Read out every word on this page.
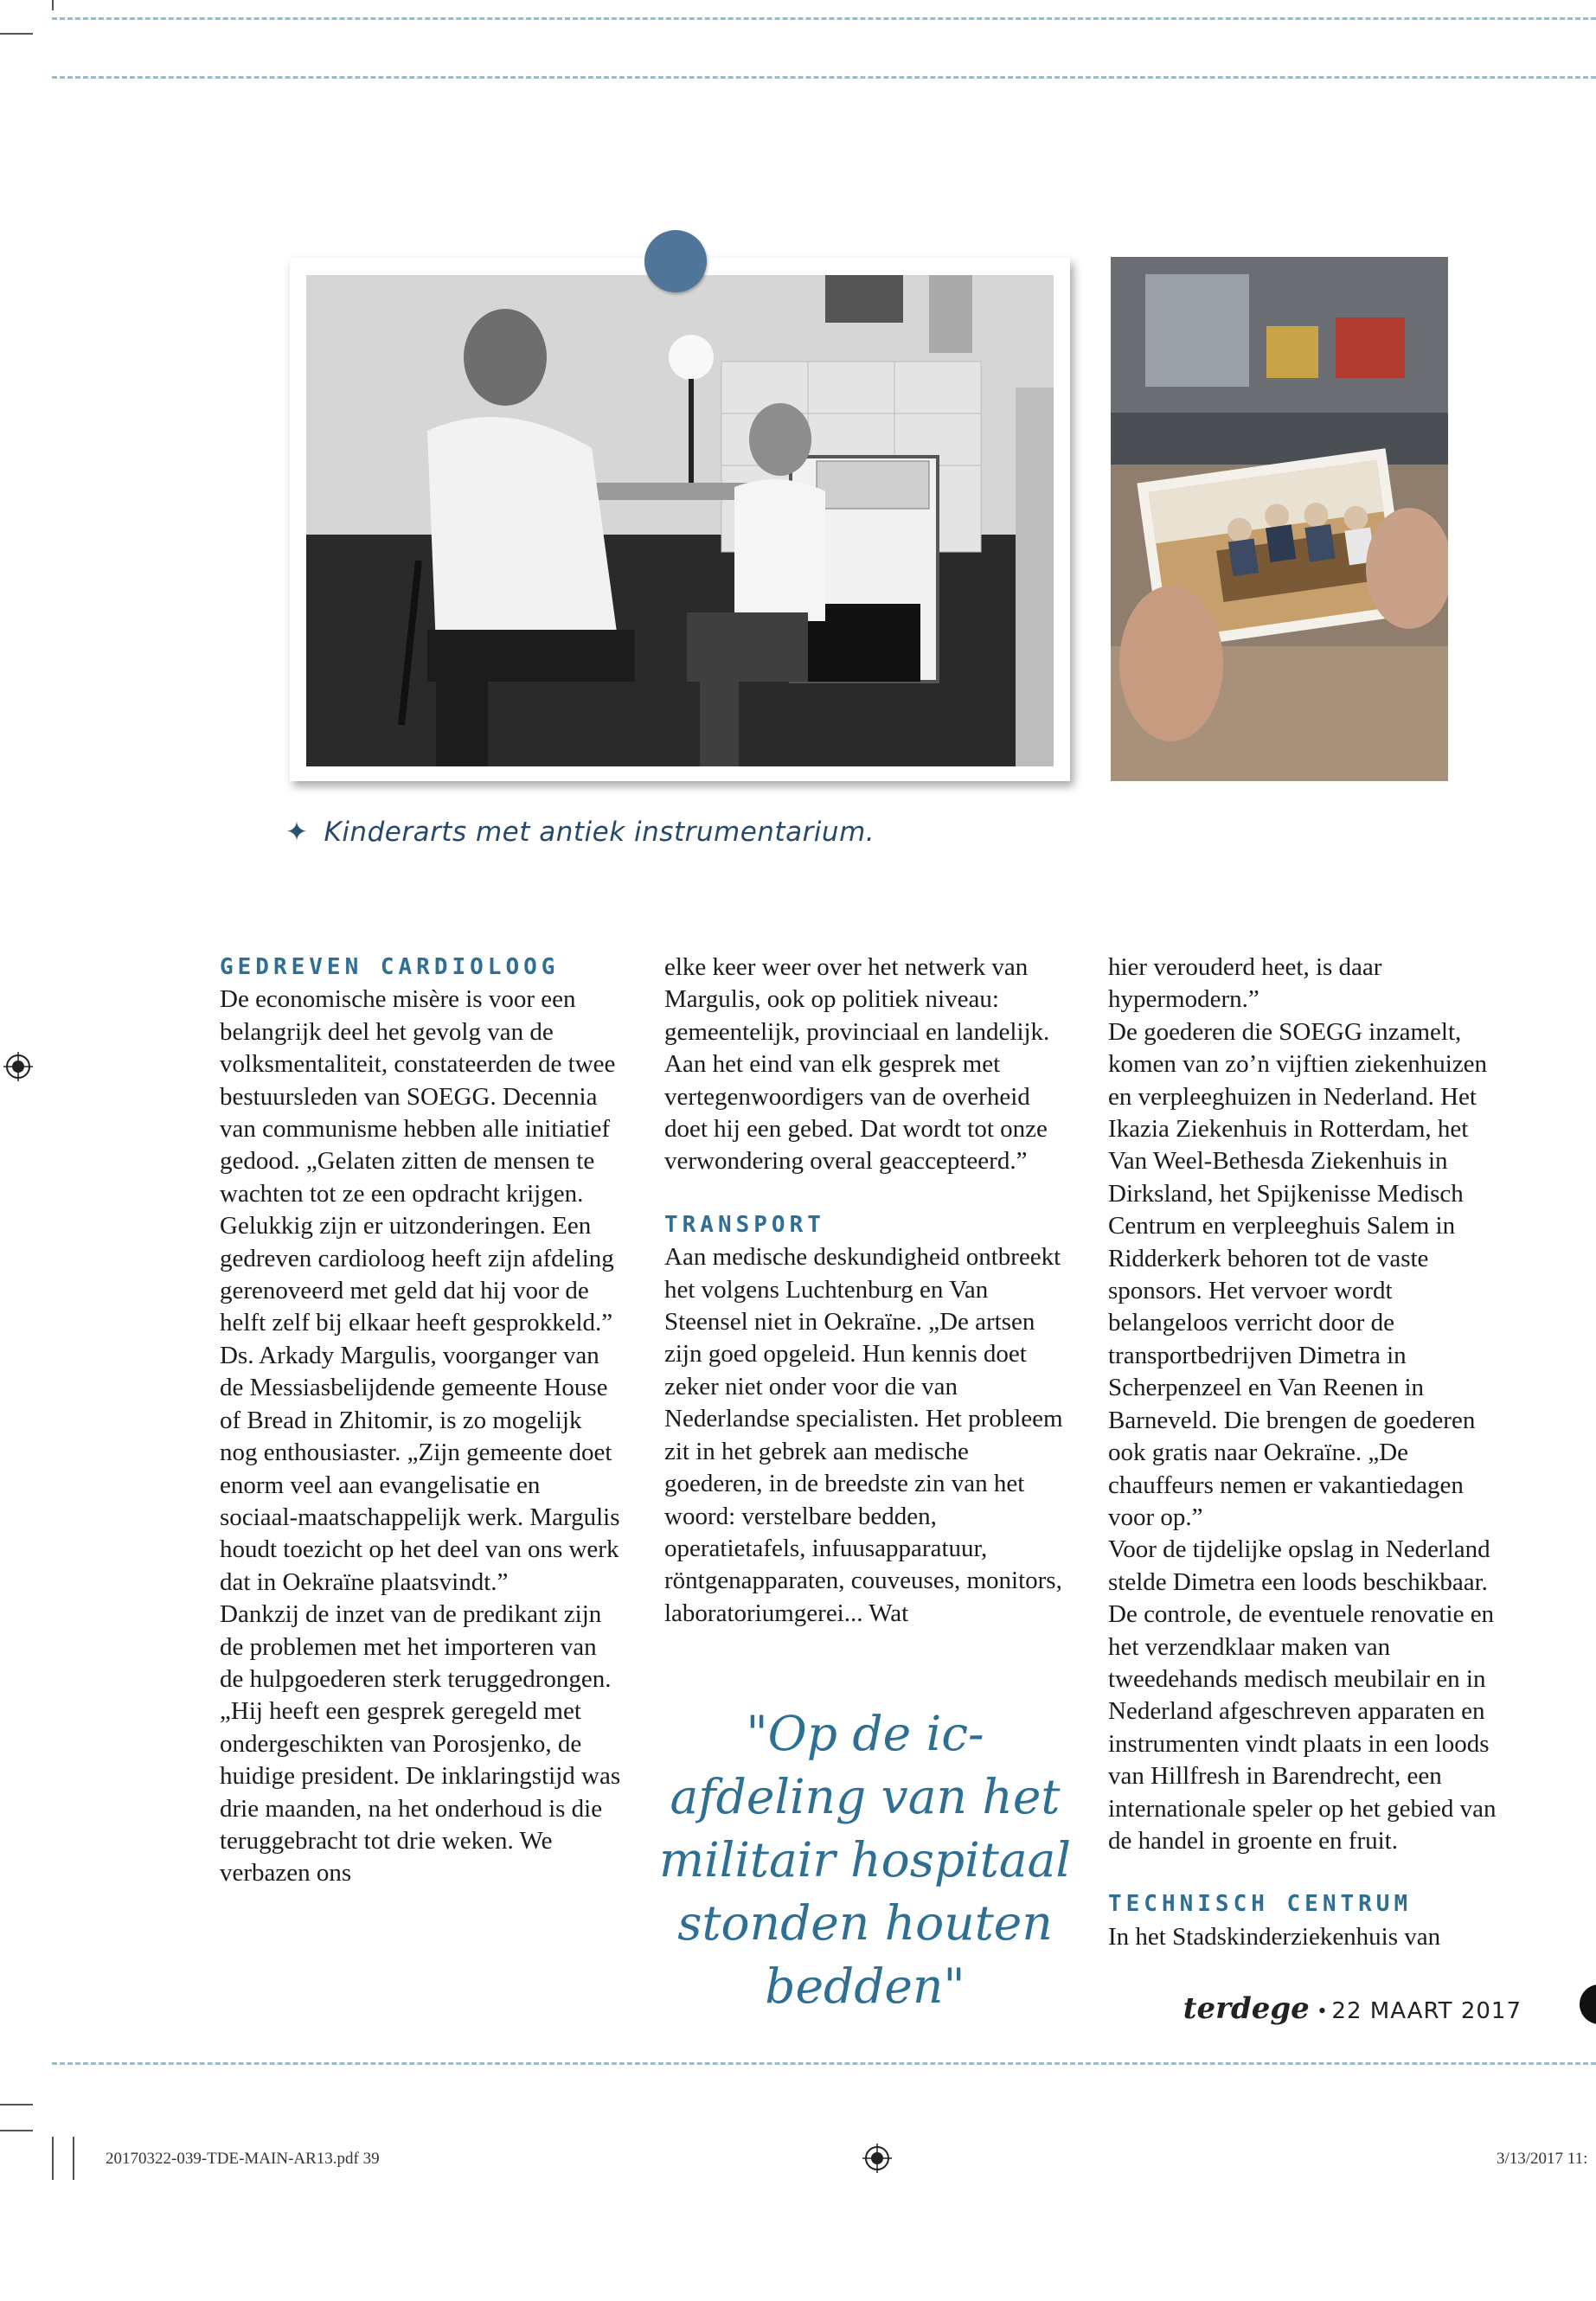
✦ Kinderarts met antiek instrumentarium.

GEDREVEN CARDIOLOOG

De economische misère is voor een belangrijk deel het gevolg van de volksmentaliteit, constateerden de twee bestuursleden van SOEGG. Decennia van communisme hebben alle initiatief gedood. „Gelaten zitten de mensen te wachten tot ze een opdracht krijgen. Gelukkig zijn er uitzonderingen. Een gedreven cardioloog heeft zijn afdeling gerenoveerd met geld dat hij voor de helft zelf bij elkaar heeft gesprokkeld.”

Ds. Arkady Margulis, voorganger van de Messiasbelijdende gemeente House of Bread in Zhitomir, is zo mogelijk nog enthousiaster. „Zijn gemeente doet enorm veel aan evangelisatie en sociaal-maatschappelijk werk. Margulis houdt toezicht op het deel van ons werk dat in Oekraïne plaatsvindt.”

Dankzij de inzet van de predikant zijn de problemen met het importeren van de hulpgoederen sterk teruggedrongen. „Hij heeft een gesprek geregeld met ondergeschikten van Porosjenko, de huidige president. De inklaringstijd was drie maanden, na het onderhoud is die teruggebracht tot drie weken. We verbazen ons

elke keer weer over het netwerk van Margulis, ook op politiek niveau: gemeentelijk, provinciaal en landelijk. Aan het eind van elk gesprek met vertegenwoordigers van de overheid doet hij een gebed. Dat wordt tot onze verwondering overal geaccepteerd.”

TRANSPORT

Aan medische deskundigheid ontbreekt het volgens Luchtenburg en Van Steensel niet in Oekraïne. „De artsen zijn goed opgeleid. Hun kennis doet zeker niet onder voor die van Nederlandse specialisten. Het probleem zit in het gebrek aan medische goederen, in de breedste zin van het woord: verstelbare bedden, operatietafels, infuusapparatuur, röntgenapparaten, couveuses, monitors, laboratoriumgerei... Wat

"Op de ic-afdeling van het militair hospitaal stonden houten bedden"

hier verouderd heet, is daar hypermodern.”

De goederen die SOEGG inzamelt, komen van zo’n vijftien ziekenhuizen en verpleeghuizen in Nederland. Het Ikazia Ziekenhuis in Rotterdam, het Van Weel-Bethesda Ziekenhuis in Dirksland, het Spijkenisse Medisch Centrum en verpleeghuis Salem in Ridderkerk behoren tot de vaste sponsors. Het vervoer wordt belangeloos verricht door de transportbedrijven Dimetra in Scherpenzeel en Van Reenen in Barneveld. Die brengen de goederen ook gratis naar Oekraïne. „De chauffeurs nemen er vakantiedagen voor op.”

Voor de tijdelijke opslag in Nederland stelde Dimetra een loods beschikbaar. De controle, de eventuele renovatie en het verzendklaar maken van tweedehands medisch meubilair en in Nederland afgeschreven apparaten en instrumenten vindt plaats in een loods van Hillfresh in Barendrecht, een internationale speler op het gebied van de handel in groente en fruit.

TECHNISCH CENTRUM

In het Stadskinderziekenhuis van

terdege • 22 MAART 2017
20170322-039-TDE-MAIN-AR13.pdf 39	3/13/2017 11:
